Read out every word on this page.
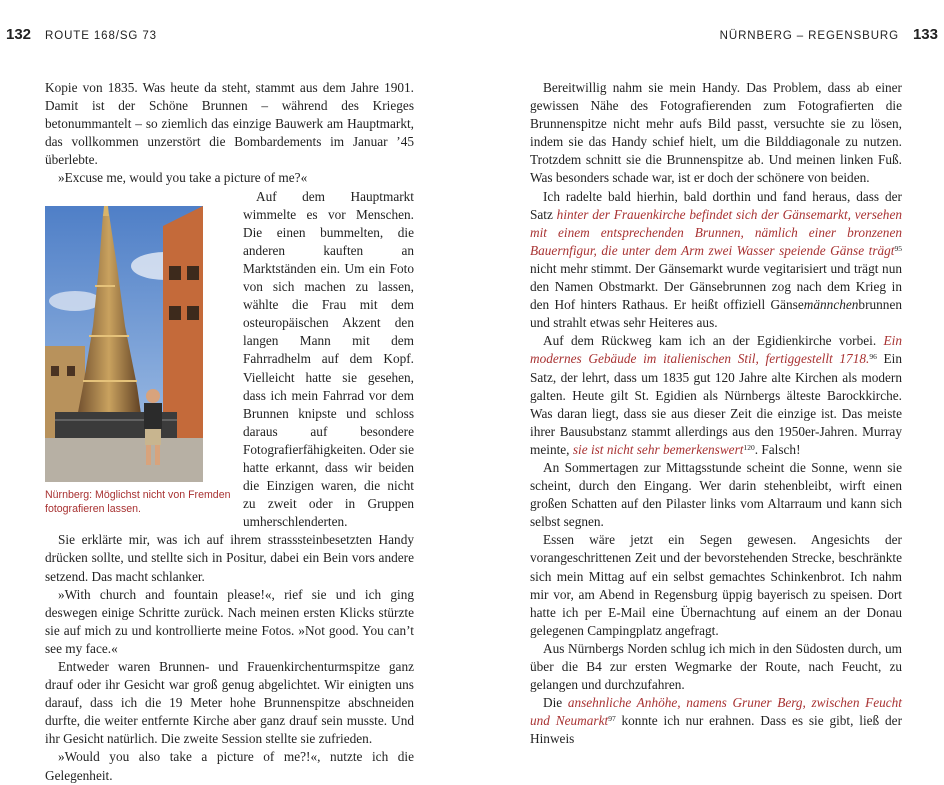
132 ROUTE 168/SG 73

Kopie von 1835. Was heute da steht, stammt aus dem Jahre 1901. Damit ist der Schöne Brunnen – während des Krieges betonummantelt – so ziemlich das einzige Bauwerk am Hauptmarkt, das vollkommen unzerstört die Bombardements im Januar ’45 überlebte.

»Excuse me, would you take a picture of me?«

Nürnberg: Möglichst nicht von Fremden fotografieren lassen.

Auf dem Hauptmarkt wimmelte es vor Menschen. Die einen bummelten, die anderen kauften an Marktständen ein. Um ein Foto von sich machen zu lassen, wählte die Frau mit dem osteuropäischen Akzent den langen Mann mit dem Fahrradhelm auf dem Kopf. Vielleicht hatte sie gesehen, dass ich mein Fahrrad vor dem Brunnen knipste und schloss daraus auf besondere Fotografierfähigkeiten. Oder sie hatte erkannt, dass wir beiden die Einzigen waren, die nicht zu zweit oder in Gruppen umherschlenderten.

Sie erklärte mir, was ich auf ihrem strasssteinbesetzten Handy drücken sollte, und stellte sich in Positur, dabei ein Bein vors andere setzend. Das macht schlanker.

»With church and fountain please!«, rief sie und ich ging deswegen einige Schritte zurück. Nach meinen ersten Klicks stürzte sie auf mich zu und kontrollierte meine Fotos. »Not good. You can’t see my face.«

Entweder waren Brunnen- und Frauenkirchenturmspitze ganz drauf oder ihr Gesicht war groß genug abgelichtet. Wir einigten uns darauf, dass ich die 19 Meter hohe Brunnenspitze abschneiden durfte, die weiter entfernte Kirche aber ganz drauf sein musste. Und ihr Gesicht natürlich. Die zweite Session stellte sie zufrieden.

»Would you also take a picture of me?!«, nutzte ich die Gelegenheit.

NÜRNBERG – REGENSBURG 133

Bereitwillig nahm sie mein Handy. Das Problem, dass ab einer gewissen Nähe des Fotografierenden zum Fotografierten die Brunnenspitze nicht mehr aufs Bild passt, versuchte sie zu lösen, indem sie das Handy schief hielt, um die Bilddiagonale zu nutzen. Trotzdem schnitt sie die Brunnenspitze ab. Und meinen linken Fuß. Was besonders schade war, ist er doch der schönere von beiden.

Ich radelte bald hierhin, bald dorthin und fand heraus, dass der Satz hinter der Frauenkirche befindet sich der Gänsemarkt, versehen mit einem entsprechenden Brunnen, nämlich einer bronzenen Bauernfigur, die unter dem Arm zwei Wasser speiende Gänse trägt$^{95}$ nicht mehr stimmt. Der Gänsemarkt wurde vegitarisiert und trägt nun den Namen Obstmarkt. Der Gänsebrunnen zog nach dem Krieg in den Hof hinters Rathaus. Er heißt offiziell Gänsemännchenbrunnen und strahlt etwas sehr Heiteres aus.

Auf dem Rückweg kam ich an der Egidienkirche vorbei. Ein modernes Gebäude im italienischen Stil, fertiggestellt 1718.96 Ein Satz, der lehrt, dass um 1835 gut 120 Jahre alte Kirchen als modern galten. Heute gilt St. Egidien als Nürnbergs älteste Barockkirche. Was daran liegt, dass sie aus dieser Zeit die einzige ist. Das meiste ihrer Bausubstanz stammt allerdings aus den 1950er-Jahren. Murray meinte, sie ist nicht sehr bemerkenswert$^{120}$. Falsch!

An Sommertagen zur Mittagsstunde scheint die Sonne, wenn sie scheint, durch den Eingang. Wer darin stehenbleibt, wirft einen großen Schatten auf den Pilaster links vom Altarraum und kann sich selbst segnen.

Essen wäre jetzt ein Segen gewesen. Angesichts der vorangeschrittenen Zeit und der bevorstehenden Strecke, beschränkte sich mein Mittag auf ein selbst gemachtes Schinkenbrot. Ich nahm mir vor, am Abend in Regensburg üppig bayerisch zu speisen. Dort hatte ich per E-Mail eine Übernachtung auf einem an der Donau gelegenen Campingplatz angefragt.

Aus Nürnbergs Norden schlug ich mich in den Südosten durch, um über die B4 zur ersten Wegmarke der Route, nach Feucht, zu gelangen und durchzufahren.

Die ansehnliche Anhöhe, namens Gruner Berg, zwischen Feucht und Neumarkt$^{97}$ konnte ich nur erahnen. Dass es sie gibt, ließ der Hinweis
